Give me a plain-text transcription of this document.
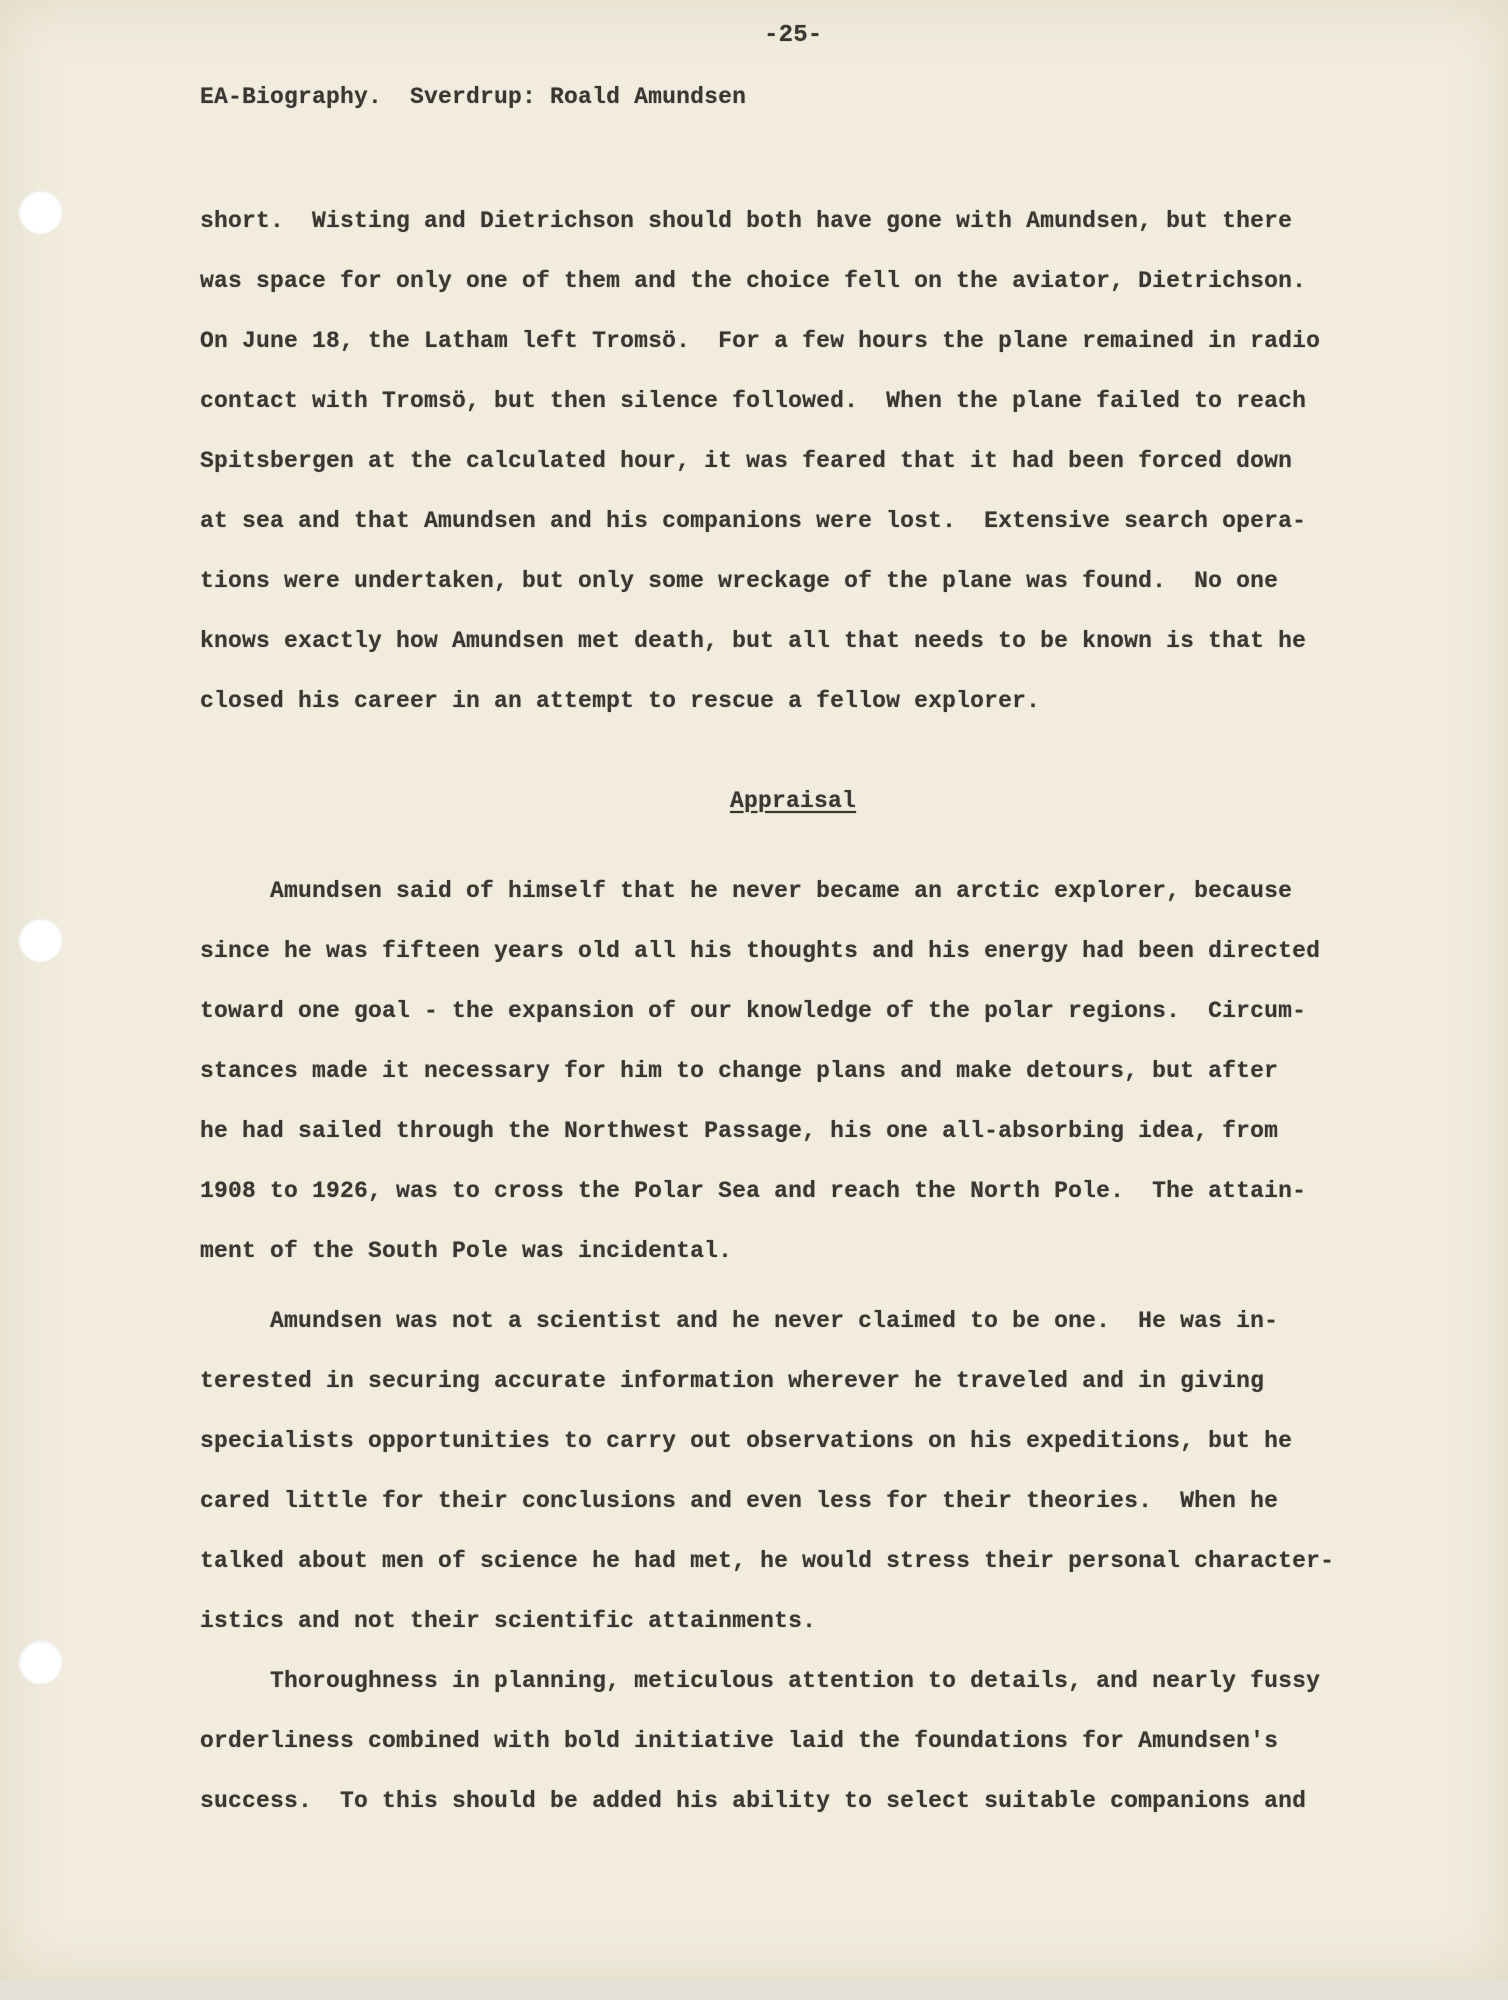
-25-
EA-Biography.  Sverdrup: Roald Amundsen
short.  Wisting and Dietrichson should both have gone with Amundsen, but there
was space for only one of them and the choice fell on the aviator, Dietrichson.
On June 18, the Latham left Tromsö.  For a few hours the plane remained in radio
contact with Tromsö, but then silence followed.  When the plane failed to reach
Spitsbergen at the calculated hour, it was feared that it had been forced down
at sea and that Amundsen and his companions were lost.  Extensive search opera-
tions were undertaken, but only some wreckage of the plane was found.  No one
knows exactly how Amundsen met death, but all that needs to be known is that he
closed his career in an attempt to rescue a fellow explorer.
Appraisal
Amundsen said of himself that he never became an arctic explorer, because
since he was fifteen years old all his thoughts and his energy had been directed
toward one goal - the expansion of our knowledge of the polar regions.  Circum-
stances made it necessary for him to change plans and make detours, but after
he had sailed through the Northwest Passage, his one all-absorbing idea, from
1908 to 1926, was to cross the Polar Sea and reach the North Pole.  The attain-
ment of the South Pole was incidental.
Amundsen was not a scientist and he never claimed to be one.  He was in-
terested in securing accurate information wherever he traveled and in giving
specialists opportunities to carry out observations on his expeditions, but he
cared little for their conclusions and even less for their theories.  When he
talked about men of science he had met, he would stress their personal character-
istics and not their scientific attainments.
Thoroughness in planning, meticulous attention to details, and nearly fussy
orderliness combined with bold initiative laid the foundations for Amundsen's
success.  To this should be added his ability to select suitable companions and
